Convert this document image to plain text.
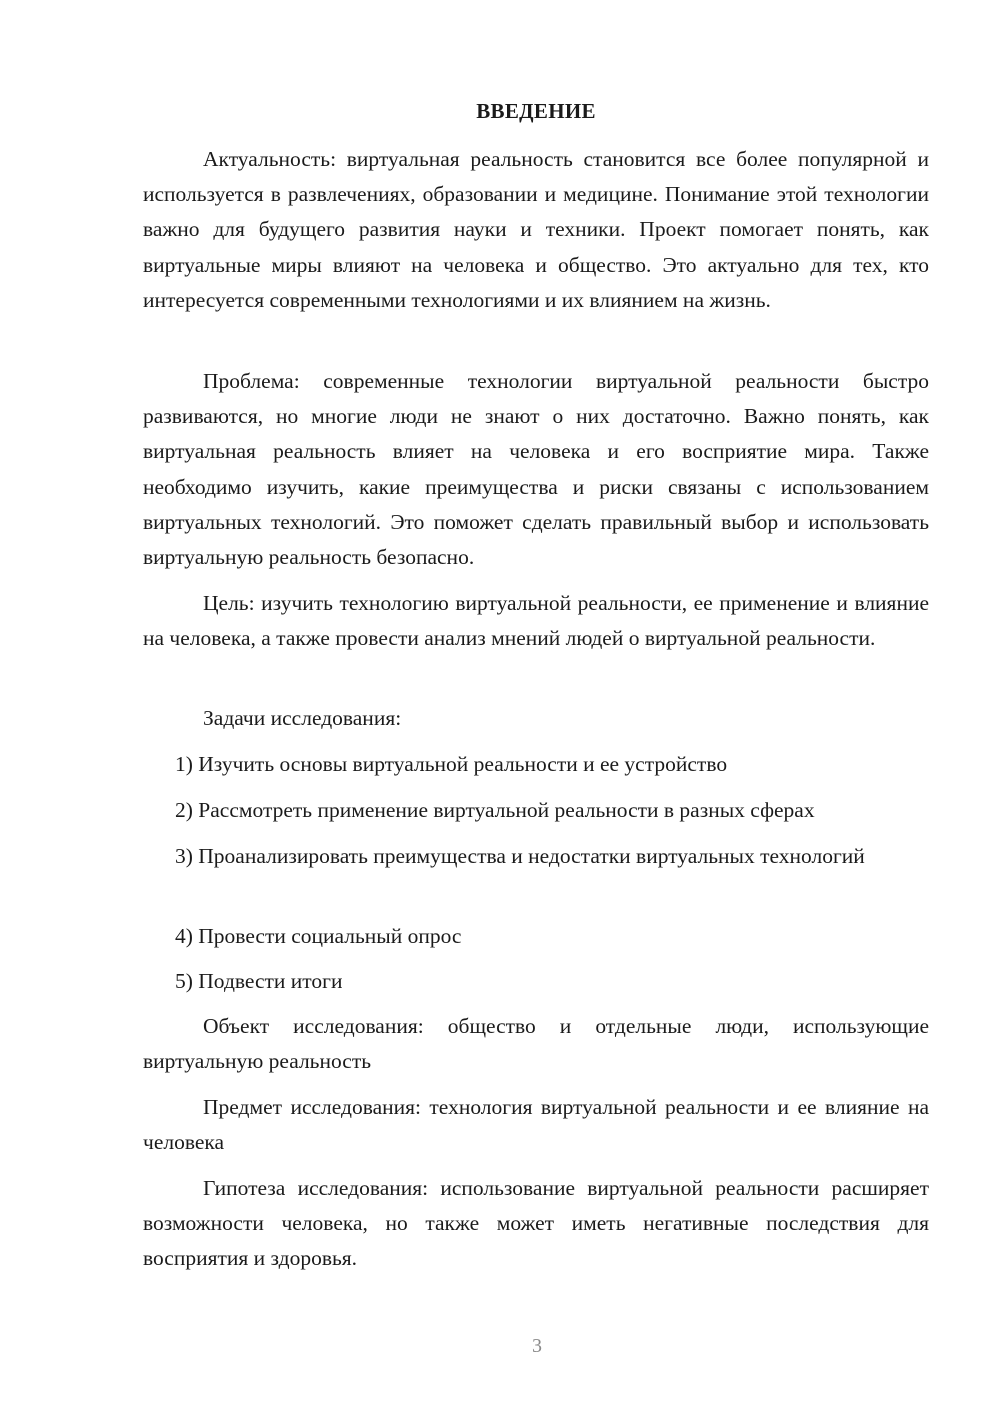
ВВЕДЕНИЕ

Актуальность: виртуальная реальность становится все более популярной и используется в развлечениях, образовании и медицине. Понимание этой технологии важно для будущего развития науки и техники. Проект помогает понять, как виртуальные миры влияют на человека и общество. Это актуально для тех, кто интересуется современными технологиями и их влиянием на жизнь.

Проблема: современные технологии виртуальной реальности быстро развиваются, но многие люди не знают о них достаточно. Важно понять, как виртуальная реальность влияет на человека и его восприятие мира. Также необходимо изучить, какие преимущества и риски связаны с использованием виртуальных технологий. Это поможет сделать правильный выбор и использовать виртуальную реальность безопасно.

Цель: изучить технологию виртуальной реальности, ее применение и влияние на человека, а также провести анализ мнений людей о виртуальной реальности.

Задачи исследования:

1) Изучить основы виртуальной реальности и ее устройство

2) Рассмотреть применение виртуальной реальности в разных сферах

3) Проанализировать преимущества и недостатки виртуальных технологий

4) Провести социальный опрос

5) Подвести итоги

Объект исследования: общество и отдельные люди, использующие виртуальную реальность

Предмет исследования: технология виртуальной реальности и ее влияние на человека

Гипотеза исследования: использование виртуальной реальности расширяет возможности человека, но также может иметь негативные последствия для восприятия и здоровья.

3
